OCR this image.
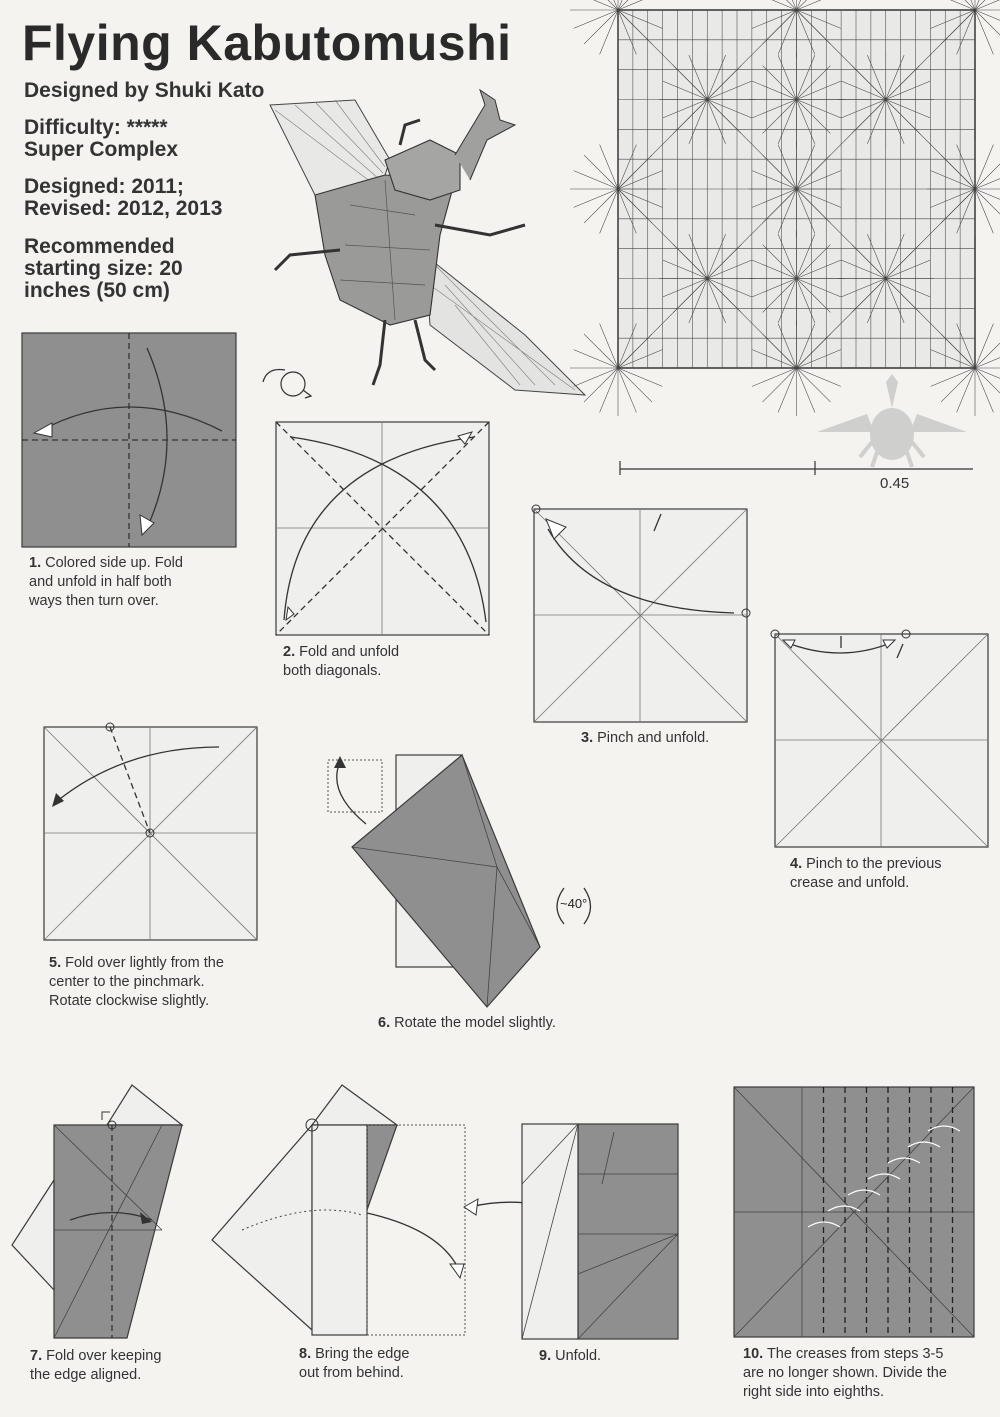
Flying Kabutomushi
Designed by Shuki Kato
Difficulty: *****
Super Complex
Designed: 2011;
Revised: 2012, 2013
Recommended
starting size: 20
inches (50 cm)
0.45
1. Colored side up. Fold
and unfold in half both
ways then turn over.
2. Fold and unfold
both diagonals.
3. Pinch and unfold.
4. Pinch to the previous
crease and unfold.
5. Fold over lightly from the
center to the pinchmark.
Rotate clockwise slightly.
~40°
6. Rotate the model slightly.
7. Fold over keeping
the edge aligned.
8. Bring the edge
out from behind.
9. Unfold.	10. The creases from steps 3-5
are no longer shown. Divide the
right side into eighths.
